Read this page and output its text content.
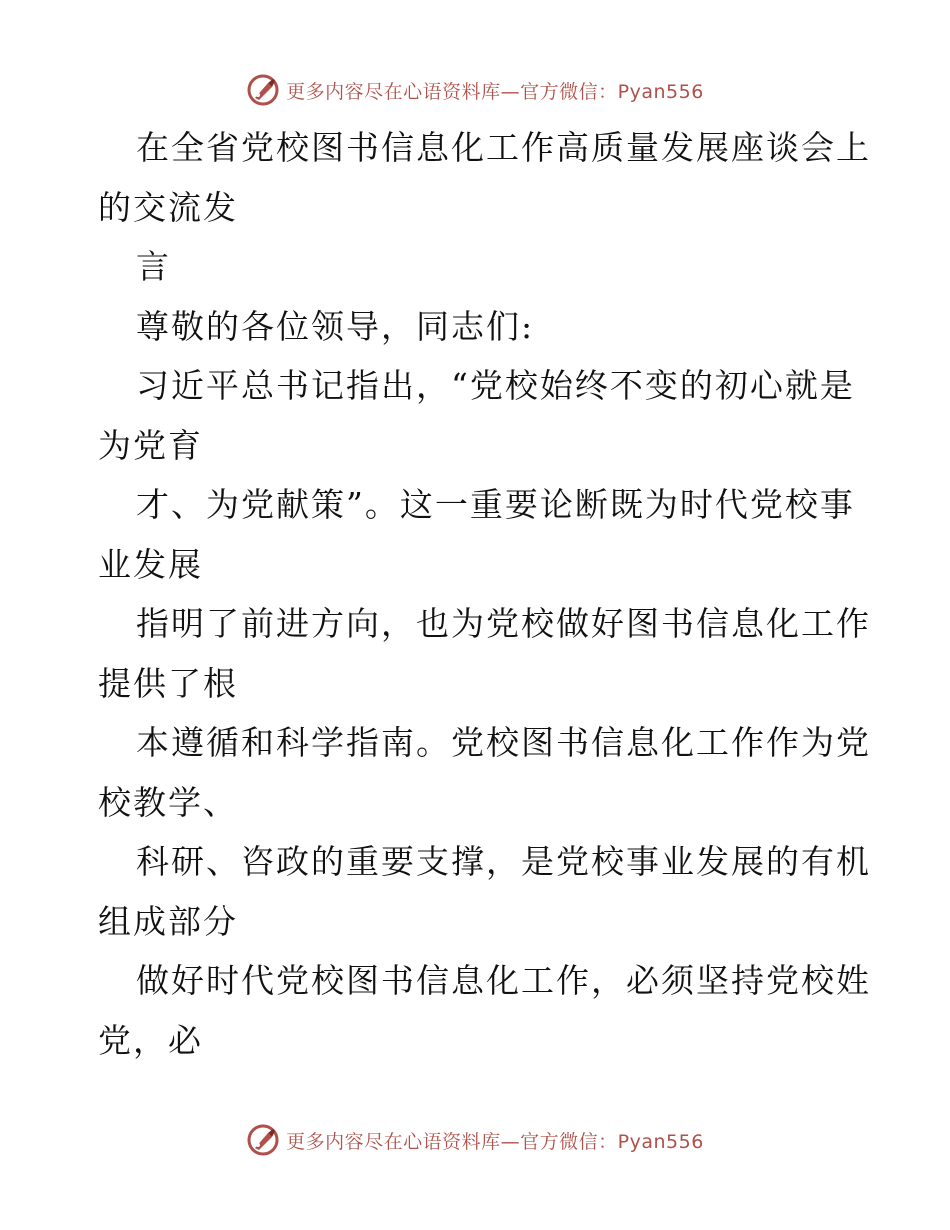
更多内容尽在心语资料库—官方微信：Pyan556
在全省党校图书信息化工作高质量发展座谈会上
的交流发
言
尊敬的各位领导，同志们:
习近平总书记指出，“党校始终不变的初心就是
为党育
才、为党献策”。这一重要论断既为时代党校事
业发展
指明了前进方向，也为党校做好图书信息化工作
提供了根
本遵循和科学指南。党校图书信息化工作作为党
校教学、
科研、咨政的重要支撑，是党校事业发展的有机
组成部分
做好时代党校图书信息化工作，必须坚持党校姓
党，必
更多内容尽在心语资料库—官方微信：Pyan556
